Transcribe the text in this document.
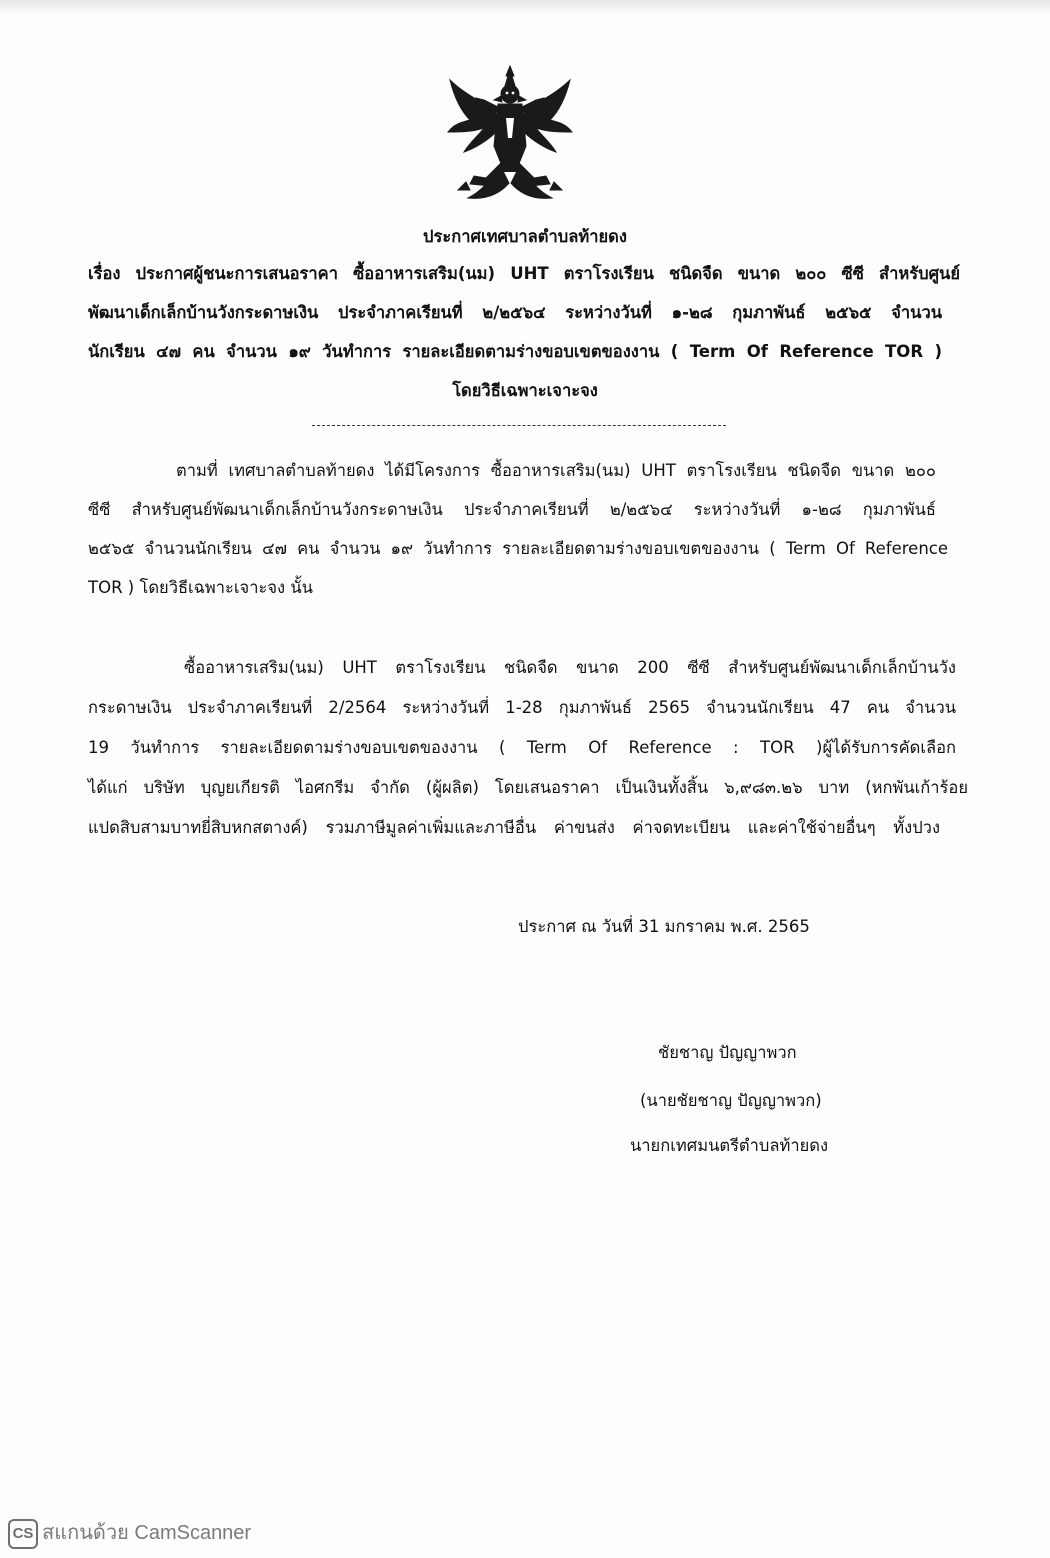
ประกาศเทศบาลตำบลท้ายดง
เรื่อง ประกาศผู้ชนะการเสนอราคา ซื้ออาหารเสริม(นม) UHT ตราโรงเรียน ชนิดจืด ขนาด ๒๐๐ ซีซี สำหรับศูนย์
พัฒนาเด็กเล็กบ้านวังกระดาษเงิน ประจำภาคเรียนที่ ๒/๒๕๖๔ ระหว่างวันที่ ๑-๒๘ กุมภาพันธ์ ๒๕๖๕ จำนวน
นักเรียน ๔๗ คน จำนวน ๑๙ วันทำการ รายละเอียดตามร่างขอบเขตของงาน ( Term Of Reference TOR )
โดยวิธีเฉพาะเจาะจง
ตามที่ เทศบาลตำบลท้ายดง ได้มีโครงการ ซื้ออาหารเสริม(นม) UHT ตราโรงเรียน ชนิดจืด ขนาด ๒๐๐
ซีซี สำหรับศูนย์พัฒนาเด็กเล็กบ้านวังกระดาษเงิน ประจำภาคเรียนที่ ๒/๒๕๖๔ ระหว่างวันที่ ๑-๒๘ กุมภาพันธ์
๒๕๖๕ จำนวนนักเรียน ๔๗ คน จำนวน ๑๙ วันทำการ รายละเอียดตามร่างขอบเขตของงาน ( Term Of Reference
TOR ) โดยวิธีเฉพาะเจาะจง นั้น
ซื้ออาหารเสริม(นม) UHT ตราโรงเรียน ชนิดจืด ขนาด 200 ซีซี สำหรับศูนย์พัฒนาเด็กเล็กบ้านวัง
กระดาษเงิน ประจำภาคเรียนที่ 2/2564 ระหว่างวันที่ 1-28 กุมภาพันธ์ 2565 จำนวนนักเรียน 47 คน จำนวน
19 วันทำการ รายละเอียดตามร่างขอบเขตของงาน ( Term Of Reference : TOR )ผู้ได้รับการคัดเลือก
ได้แก่ บริษัท บุญยเกียรติ ไอศกรีม จำกัด (ผู้ผลิต) โดยเสนอราคา เป็นเงินทั้งสิ้น ๖,๙๘๓.๒๖ บาท (หกพันเก้าร้อย
แปดสิบสามบาทยี่สิบหกสตางค์) รวมภาษีมูลค่าเพิ่มและภาษีอื่น ค่าขนส่ง ค่าจดทะเบียน และค่าใช้จ่ายอื่นๆ ทั้งปวง
ประกาศ ณ วันที่ 31 มกราคม พ.ศ. 2565
ชัยชาญ ปัญญาพวก
(นายชัยชาญ ปัญญาพวก)
นายกเทศมนตรีตำบลท้ายดง
CS สแกนด้วย CamScanner
